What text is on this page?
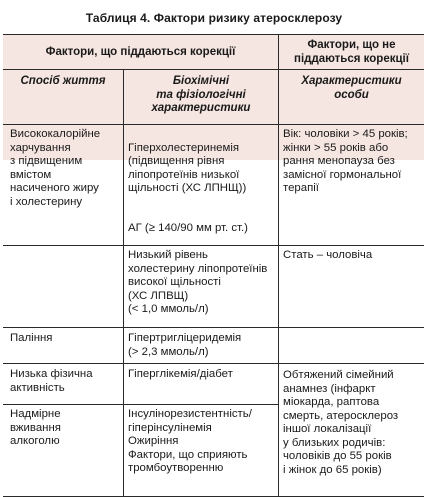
Таблиця 4. Фактори ризику атеросклерозу
Фактори, що піддаються корекції
Фактори, що не піддаються корекції
Спосіб життя	Біохімічні
та фізіологічні
характеристики
Характеристики
особи
Висококалорійне
харчування
з підвищеним
вмістом
насиченого жиру
і холестерину

Гіперхолестеринемія
(підвищення рівня
ліпопротеїнів низької
щільності (ХС ЛПНЩ))

АГ (≥ 140/90 мм рт. ст.)

Вік: чоловіки > 45 років;
жінки > 55 років або
рання менопауза без
замісної гормональної
терапії
Низький рівень
холестерину ліпопротеїнів
високої щільності
(ХС ЛПВЩ)
(< 1,0 ммоль/л)
Стать – чоловіча
Паління	Гіпертригліцеридемія
(> 2,3 ммоль/л)
Низька фізична
активність
Гіперглікемія/діабет
Надмірне
вживання
алкоголю
Інсулінорезистентність/
гіперінсулінемія
Ожиріння
Фактори, що сприяють
тромбоутворенню
Обтяжений сімейний
анамнез (інфаркт
міокарда, раптова
смерть, атеросклероз
іншої локалізації
у близьких родичів:
чоловіків до 55 років
і жінок до 65 років)
